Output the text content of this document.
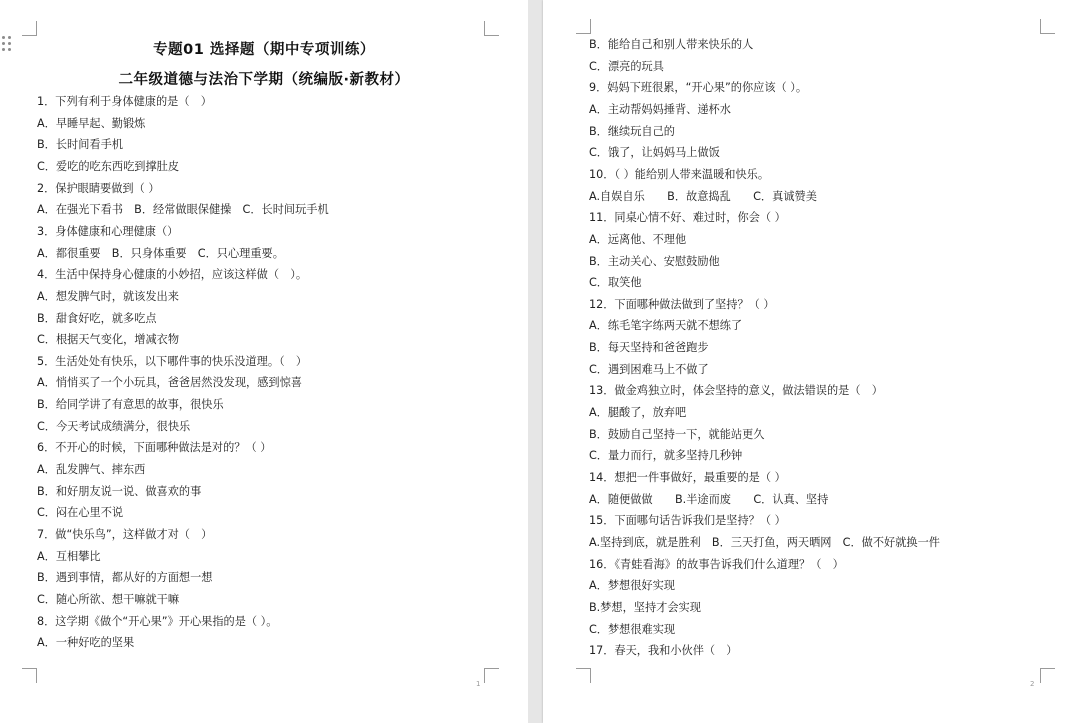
专题01 选择题（期中专项训练）
二年级道德与法治下学期（统编版·新教材）
1．下列有利于身体健康的是（　）
A．早睡早起、勤锻炼
B．长时间看手机
C．爱吃的吃东西吃到撑肚皮
2．保护眼睛要做到（ ）
A．在强光下看书　B．经常做眼保健操　C．长时间玩手机
3．身体健康和心理健康（）
A．都很重要　B．只身体重要　C．只心理重要。
4．生活中保持身心健康的小妙招，应该这样做（　）。
A．想发脾气时，就该发出来
B．甜食好吃，就多吃点
C．根据天气变化，增减衣物
5．生活处处有快乐，以下哪件事的快乐没道理。（　）
A．悄悄买了一个小玩具，爸爸居然没发现，感到惊喜
B．给同学讲了有意思的故事，很快乐
C．今天考试成绩满分，很快乐
6．不开心的时候，下面哪种做法是对的？（ ）
A．乱发脾气、摔东西
B．和好朋友说一说、做喜欢的事
C．闷在心里不说
7．做“快乐鸟”，这样做才对（　）
A．互相攀比
B．遇到事情，都从好的方面想一想
C．随心所欲、想干嘛就干嘛
8．这学期《做个“开心果”》开心果指的是（ ）。
A．一种好吃的坚果
1
B．能给自己和别人带来快乐的人
C．漂亮的玩具
9．妈妈下班很累，“开心果”的你应该（ ）。
A．主动帮妈妈捶背、递杯水
B．继续玩自己的
C．饿了，让妈妈马上做饭
10．（ ）能给别人带来温暖和快乐。
A.自娱自乐　　B．故意捣乱　　C．真诚赞美
11．同桌心情不好、难过时，你会（ ）
A．远离他、不理他
B．主动关心、安慰鼓励他
C．取笑他
12．下面哪种做法做到了坚持？（ ）
A．练毛笔字练两天就不想练了
B．每天坚持和爸爸跑步
C．遇到困难马上不做了
13．做金鸡独立时，体会坚持的意义，做法错误的是（　）
A．腿酸了，放弃吧
B．鼓励自己坚持一下，就能站更久
C．量力而行，就多坚持几秒钟
14．想把一件事做好，最重要的是（ ）
A．随便做做　　B.半途而废　　C．认真、坚持
15．下面哪句话告诉我们是坚持？（ ）
A.坚持到底，就是胜利　B．三天打鱼，两天晒网　C．做不好就换一件
16．《青蛙看海》的故事告诉我们什么道理？（　）
A．梦想很好实现
B.梦想，坚持才会实现
C．梦想很难实现
17．春天，我和小伙伴（　）
2
